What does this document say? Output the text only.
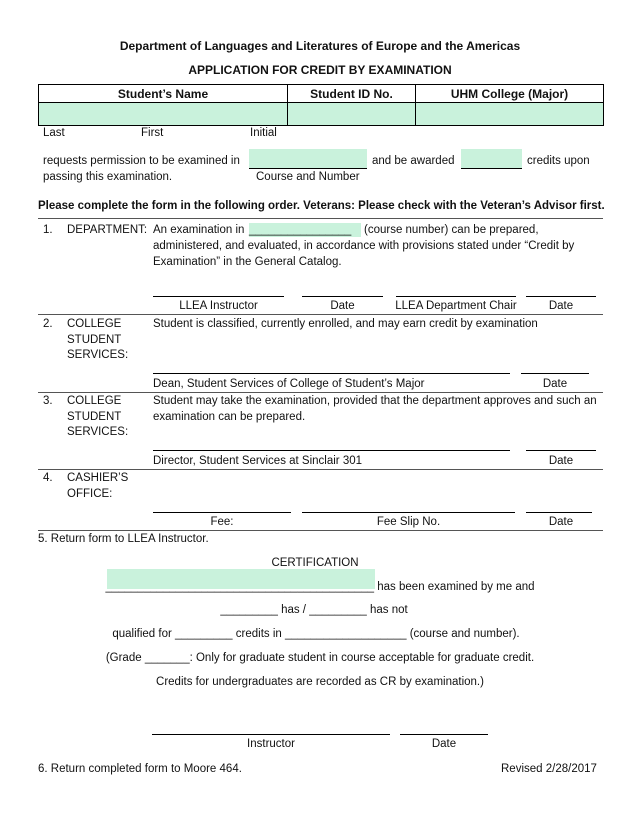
Department of Languages and Literatures of Europe and the Americas
APPLICATION FOR CREDIT BY EXAMINATION
Student’s Name	Student ID No.	UHM College (Major)

Last	First	Initial
requests permission to be examined in	and be awarded	credits upon
passing this examination.	Course and Number
Please complete the form in the following order. Veterans: Please check with the Veteran’s Advisor first.
1. DEPARTMENT: An examination in ________________ (course number) can be prepared,
administered, and evaluated, in accordance with provisions stated under “Credit by Examination” in the General Catalog.
LLEA Instructor	Date	LLEA Department Chair	Date
2. COLLEGE STUDENT SERVICES:
Student is classified, currently enrolled, and may earn credit by examination
Dean, Student Services of College of Student’s Major	Date
3. COLLEGE STUDENT SERVICES:
Student may take the examination, provided that the department approves and such an examination can be prepared.
Director, Student Services at Sinclair 301	Date
4. CASHIER’S OFFICE:
Fee:	Fee Slip No.	Date
5. Return form to LLEA Instructor.
CERTIFICATION
__________________________________________ has been examined by me and
_________ has / _________ has not
qualified for _________ credits in ___________________ (course and number).
(Grade _______: Only for graduate student in course acceptable for graduate credit.
Credits for undergraduates are recorded as CR by examination.)
Instructor	Date
6. Return completed form to Moore 464.	Revised 2/28/2017
